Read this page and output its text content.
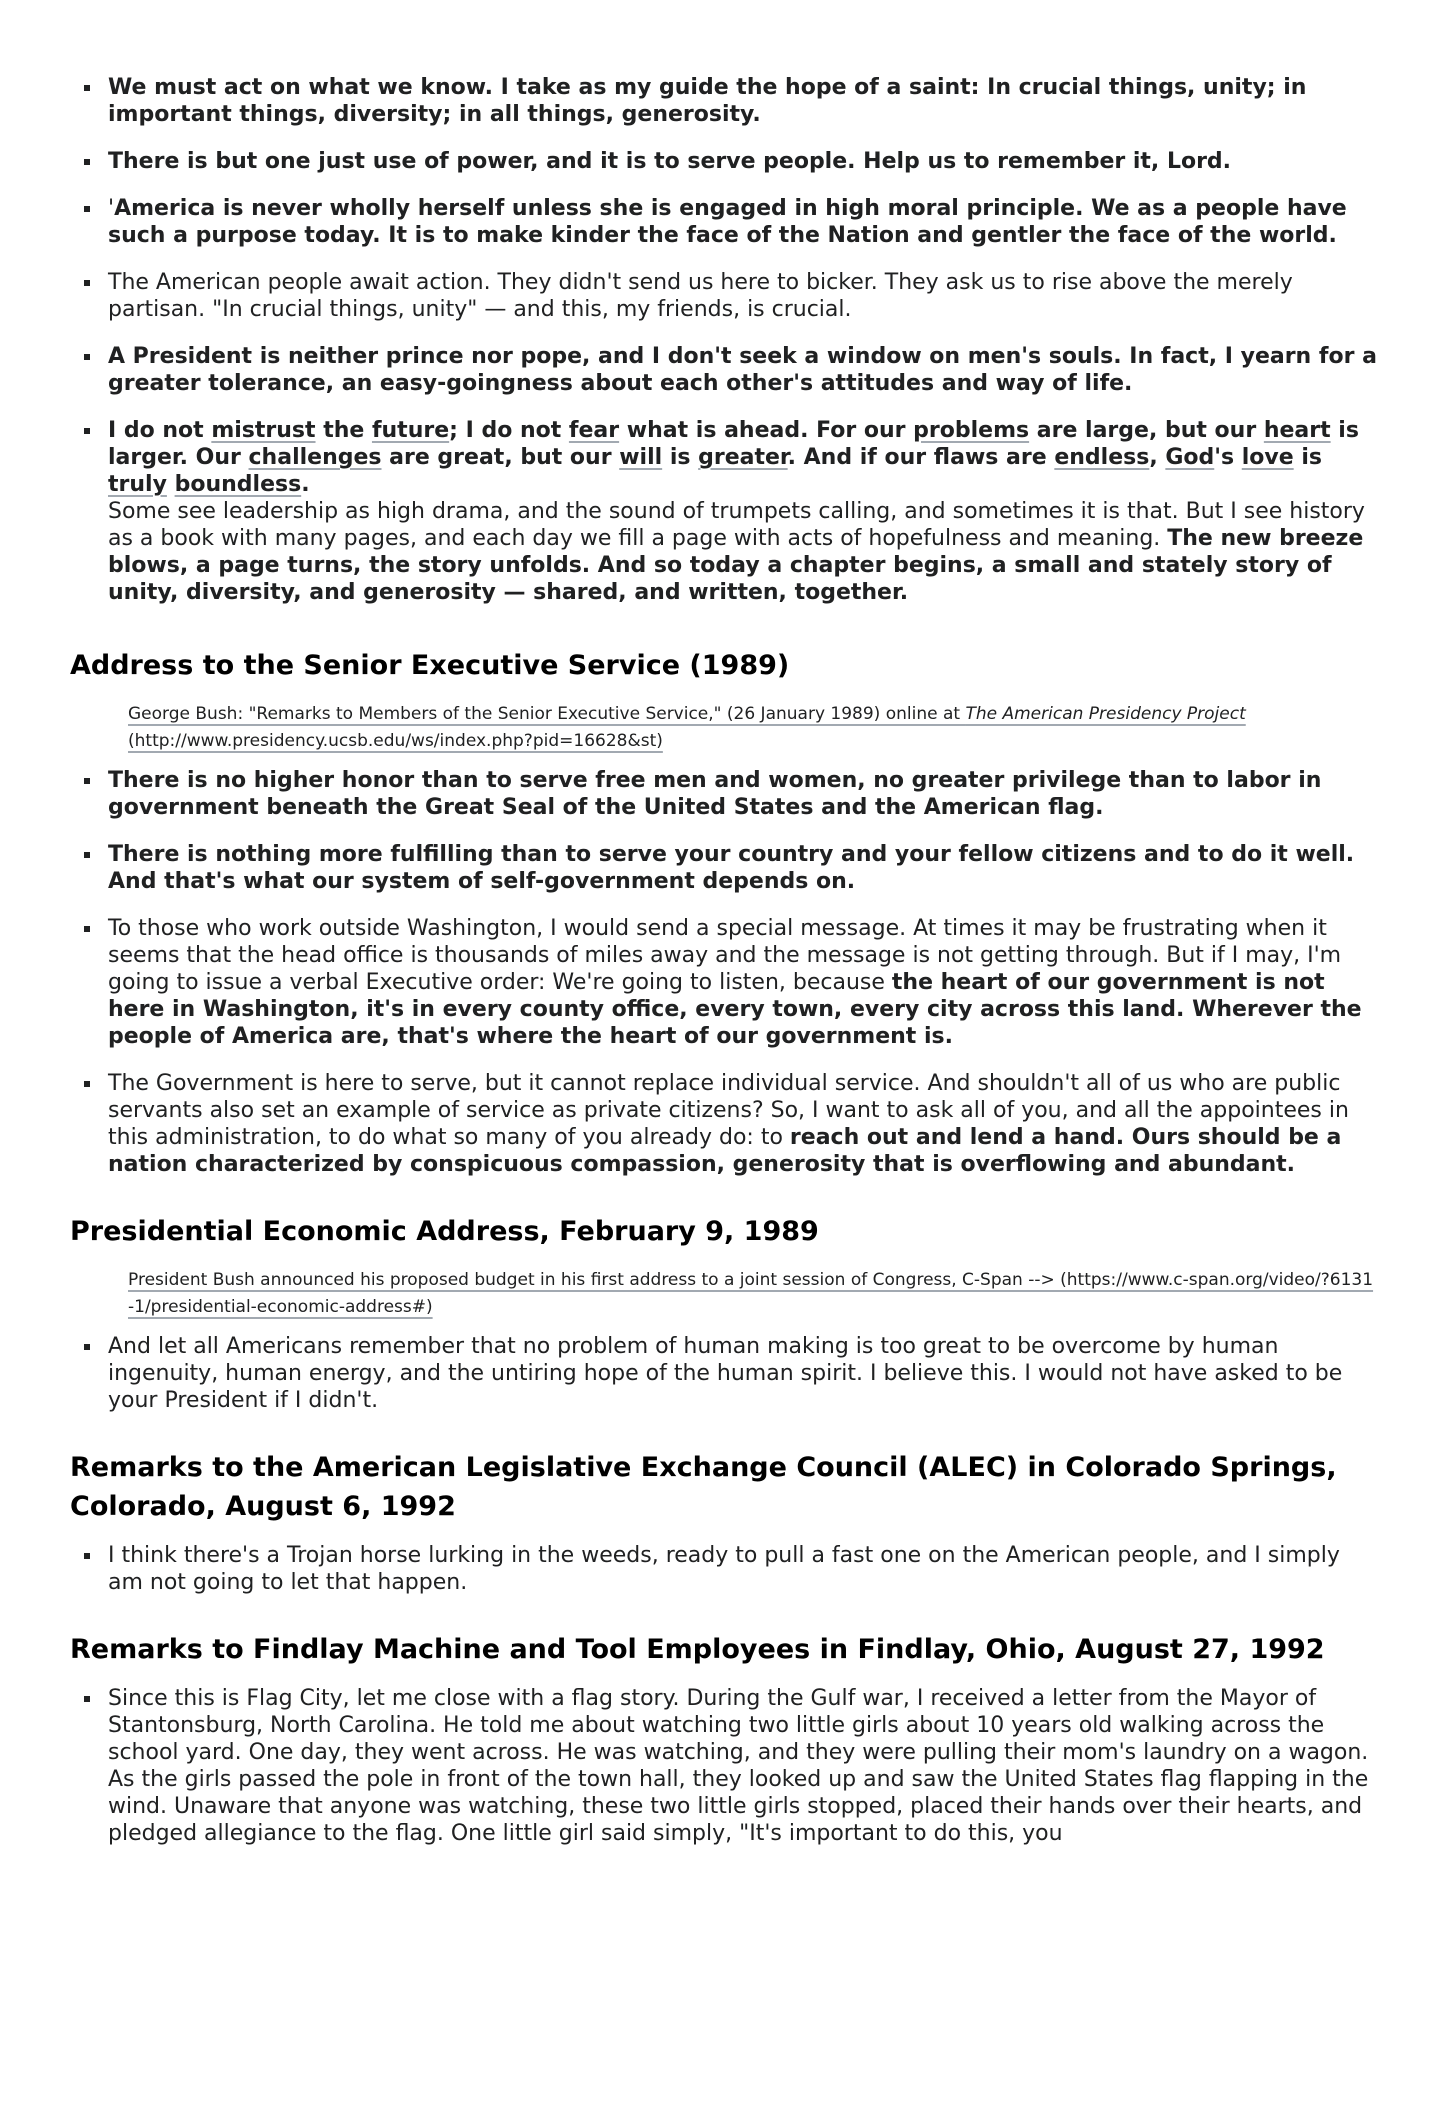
We must act on what we know. I take as my guide the hope of a saint: In crucial things, unity; in important things, diversity; in all things, generosity.
There is but one just use of power, and it is to serve people. Help us to remember it, Lord.
'America is never wholly herself unless she is engaged in high moral principle. We as a people have such a purpose today. It is to make kinder the face of the Nation and gentler the face of the world.
The American people await action. They didn't send us here to bicker. They ask us to rise above the merely partisan. "In crucial things, unity" — and this, my friends, is crucial.
A President is neither prince nor pope, and I don't seek a window on men's souls. In fact, I yearn for a greater tolerance, an easy-goingness about each other's attitudes and way of life.
I do not mistrust the future; I do not fear what is ahead. For our problems are large, but our heart is larger. Our challenges are great, but our will is greater. And if our flaws are endless, God's love is truly boundless.
Some see leadership as high drama, and the sound of trumpets calling, and sometimes it is that. But I see history as a book with many pages, and each day we fill a page with acts of hopefulness and meaning. The new breeze blows, a page turns, the story unfolds. And so today a chapter begins, a small and stately story of unity, diversity, and generosity — shared, and written, together.
Address to the Senior Executive Service (1989)
George Bush: "Remarks to Members of the Senior Executive Service," (26 January 1989) online at The American Presidency Project (http://www.presidency.ucsb.edu/ws/index.php?pid=16628&st)
There is no higher honor than to serve free men and women, no greater privilege than to labor in government beneath the Great Seal of the United States and the American flag.
There is nothing more fulfilling than to serve your country and your fellow citizens and to do it well. And that's what our system of self-government depends on.
To those who work outside Washington, I would send a special message. At times it may be frustrating when it seems that the head office is thousands of miles away and the message is not getting through. But if I may, I'm going to issue a verbal Executive order: We're going to listen, because the heart of our government is not here in Washington, it's in every county office, every town, every city across this land. Wherever the people of America are, that's where the heart of our government is.
The Government is here to serve, but it cannot replace individual service. And shouldn't all of us who are public servants also set an example of service as private citizens? So, I want to ask all of you, and all the appointees in this administration, to do what so many of you already do: to reach out and lend a hand. Ours should be a nation characterized by conspicuous compassion, generosity that is overflowing and abundant.
Presidential Economic Address, February 9, 1989
President Bush announced his proposed budget in his first address to a joint session of Congress, C-Span --> (https://www.c-span.org/video/?6131-1/presidential-economic-address#)
And let all Americans remember that no problem of human making is too great to be overcome by human ingenuity, human energy, and the untiring hope of the human spirit. I believe this. I would not have asked to be your President if I didn't.
Remarks to the American Legislative Exchange Council (ALEC) in Colorado Springs, Colorado, August 6, 1992
I think there's a Trojan horse lurking in the weeds, ready to pull a fast one on the American people, and I simply am not going to let that happen.
Remarks to Findlay Machine and Tool Employees in Findlay, Ohio, August 27, 1992
Since this is Flag City, let me close with a flag story. During the Gulf war, I received a letter from the Mayor of Stantonsburg, North Carolina. He told me about watching two little girls about 10 years old walking across the school yard. One day, they went across. He was watching, and they were pulling their mom's laundry on a wagon. As the girls passed the pole in front of the town hall, they looked up and saw the United States flag flapping in the wind. Unaware that anyone was watching, these two little girls stopped, placed their hands over their hearts, and pledged allegiance to the flag. One little girl said simply, "It's important to do this, you
